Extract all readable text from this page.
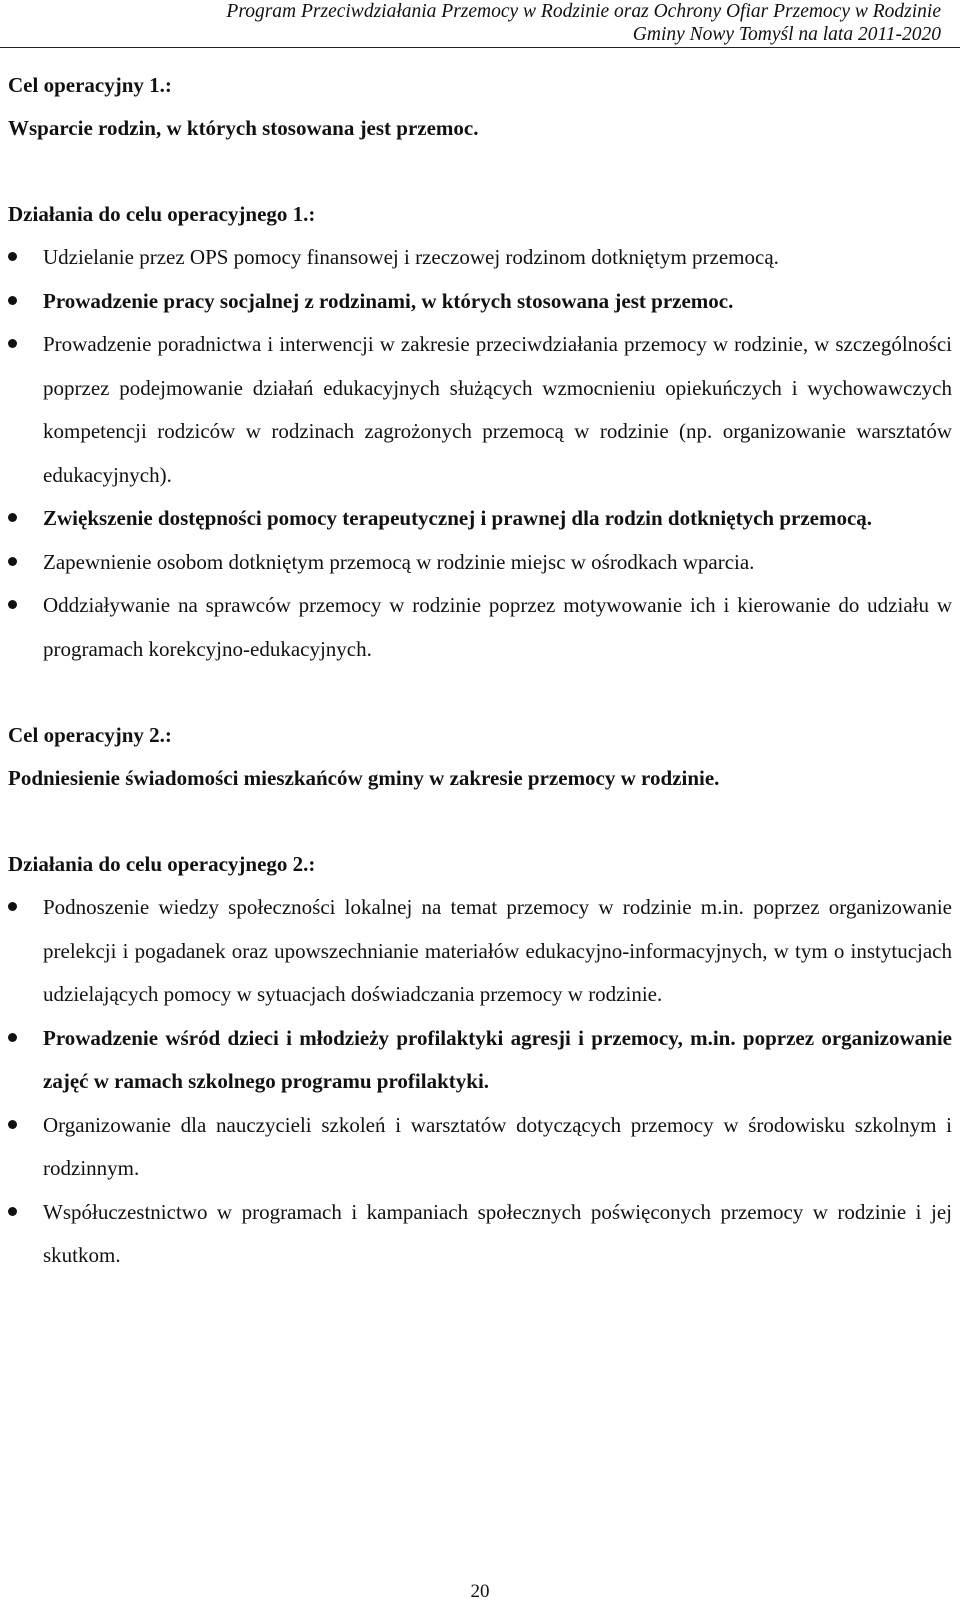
Program Przeciwdziałania Przemocy w Rodzinie oraz Ochrony Ofiar Przemocy w Rodzinie
Gminy Nowy Tomyśl na lata 2011-2020

Cel operacyjny 1.:

Wsparcie rodzin, w których stosowana jest przemoc.

Działania do celu operacyjnego 1.:

Udzielanie przez OPS pomocy finansowej i rzeczowej rodzinom dotkniętym przemocą.
Prowadzenie pracy socjalnej z rodzinami, w których stosowana jest przemoc.
Prowadzenie poradnictwa i interwencji w zakresie przeciwdziałania przemocy w rodzinie, w szczególności poprzez podejmowanie działań edukacyjnych służących wzmocnieniu opiekuńczych i wychowawczych kompetencji rodziców w rodzinach zagrożonych przemocą w rodzinie (np. organizowanie warsztatów edukacyjnych).
Zwiększenie dostępności pomocy terapeutycznej i prawnej dla rodzin dotkniętych przemocą.
Zapewnienie osobom dotkniętym przemocą w rodzinie miejsc w ośrodkach wparcia.
Oddziaływanie na sprawców przemocy w rodzinie poprzez motywowanie ich i kierowanie do udziału w programach korekcyjno-edukacyjnych.

Cel operacyjny 2.:

Podniesienie świadomości mieszkańców gminy w zakresie przemocy w rodzinie.

Działania do celu operacyjnego 2.:

Podnoszenie wiedzy społeczności lokalnej na temat przemocy w rodzinie m.in. poprzez organizowanie prelekcji i pogadanek oraz upowszechnianie materiałów edukacyjno-informacyjnych, w tym o instytucjach udzielających pomocy w sytuacjach doświadczania przemocy w rodzinie.
Prowadzenie wśród dzieci i młodzieży profilaktyki agresji i przemocy, m.in. poprzez organizowanie zajęć w ramach szkolnego programu profilaktyki.
Organizowanie dla nauczycieli szkoleń i warsztatów dotyczących przemocy w środowisku szkolnym i rodzinnym.
Współuczestnictwo w programach i kampaniach społecznych poświęconych przemocy w rodzinie i jej skutkom.
20
